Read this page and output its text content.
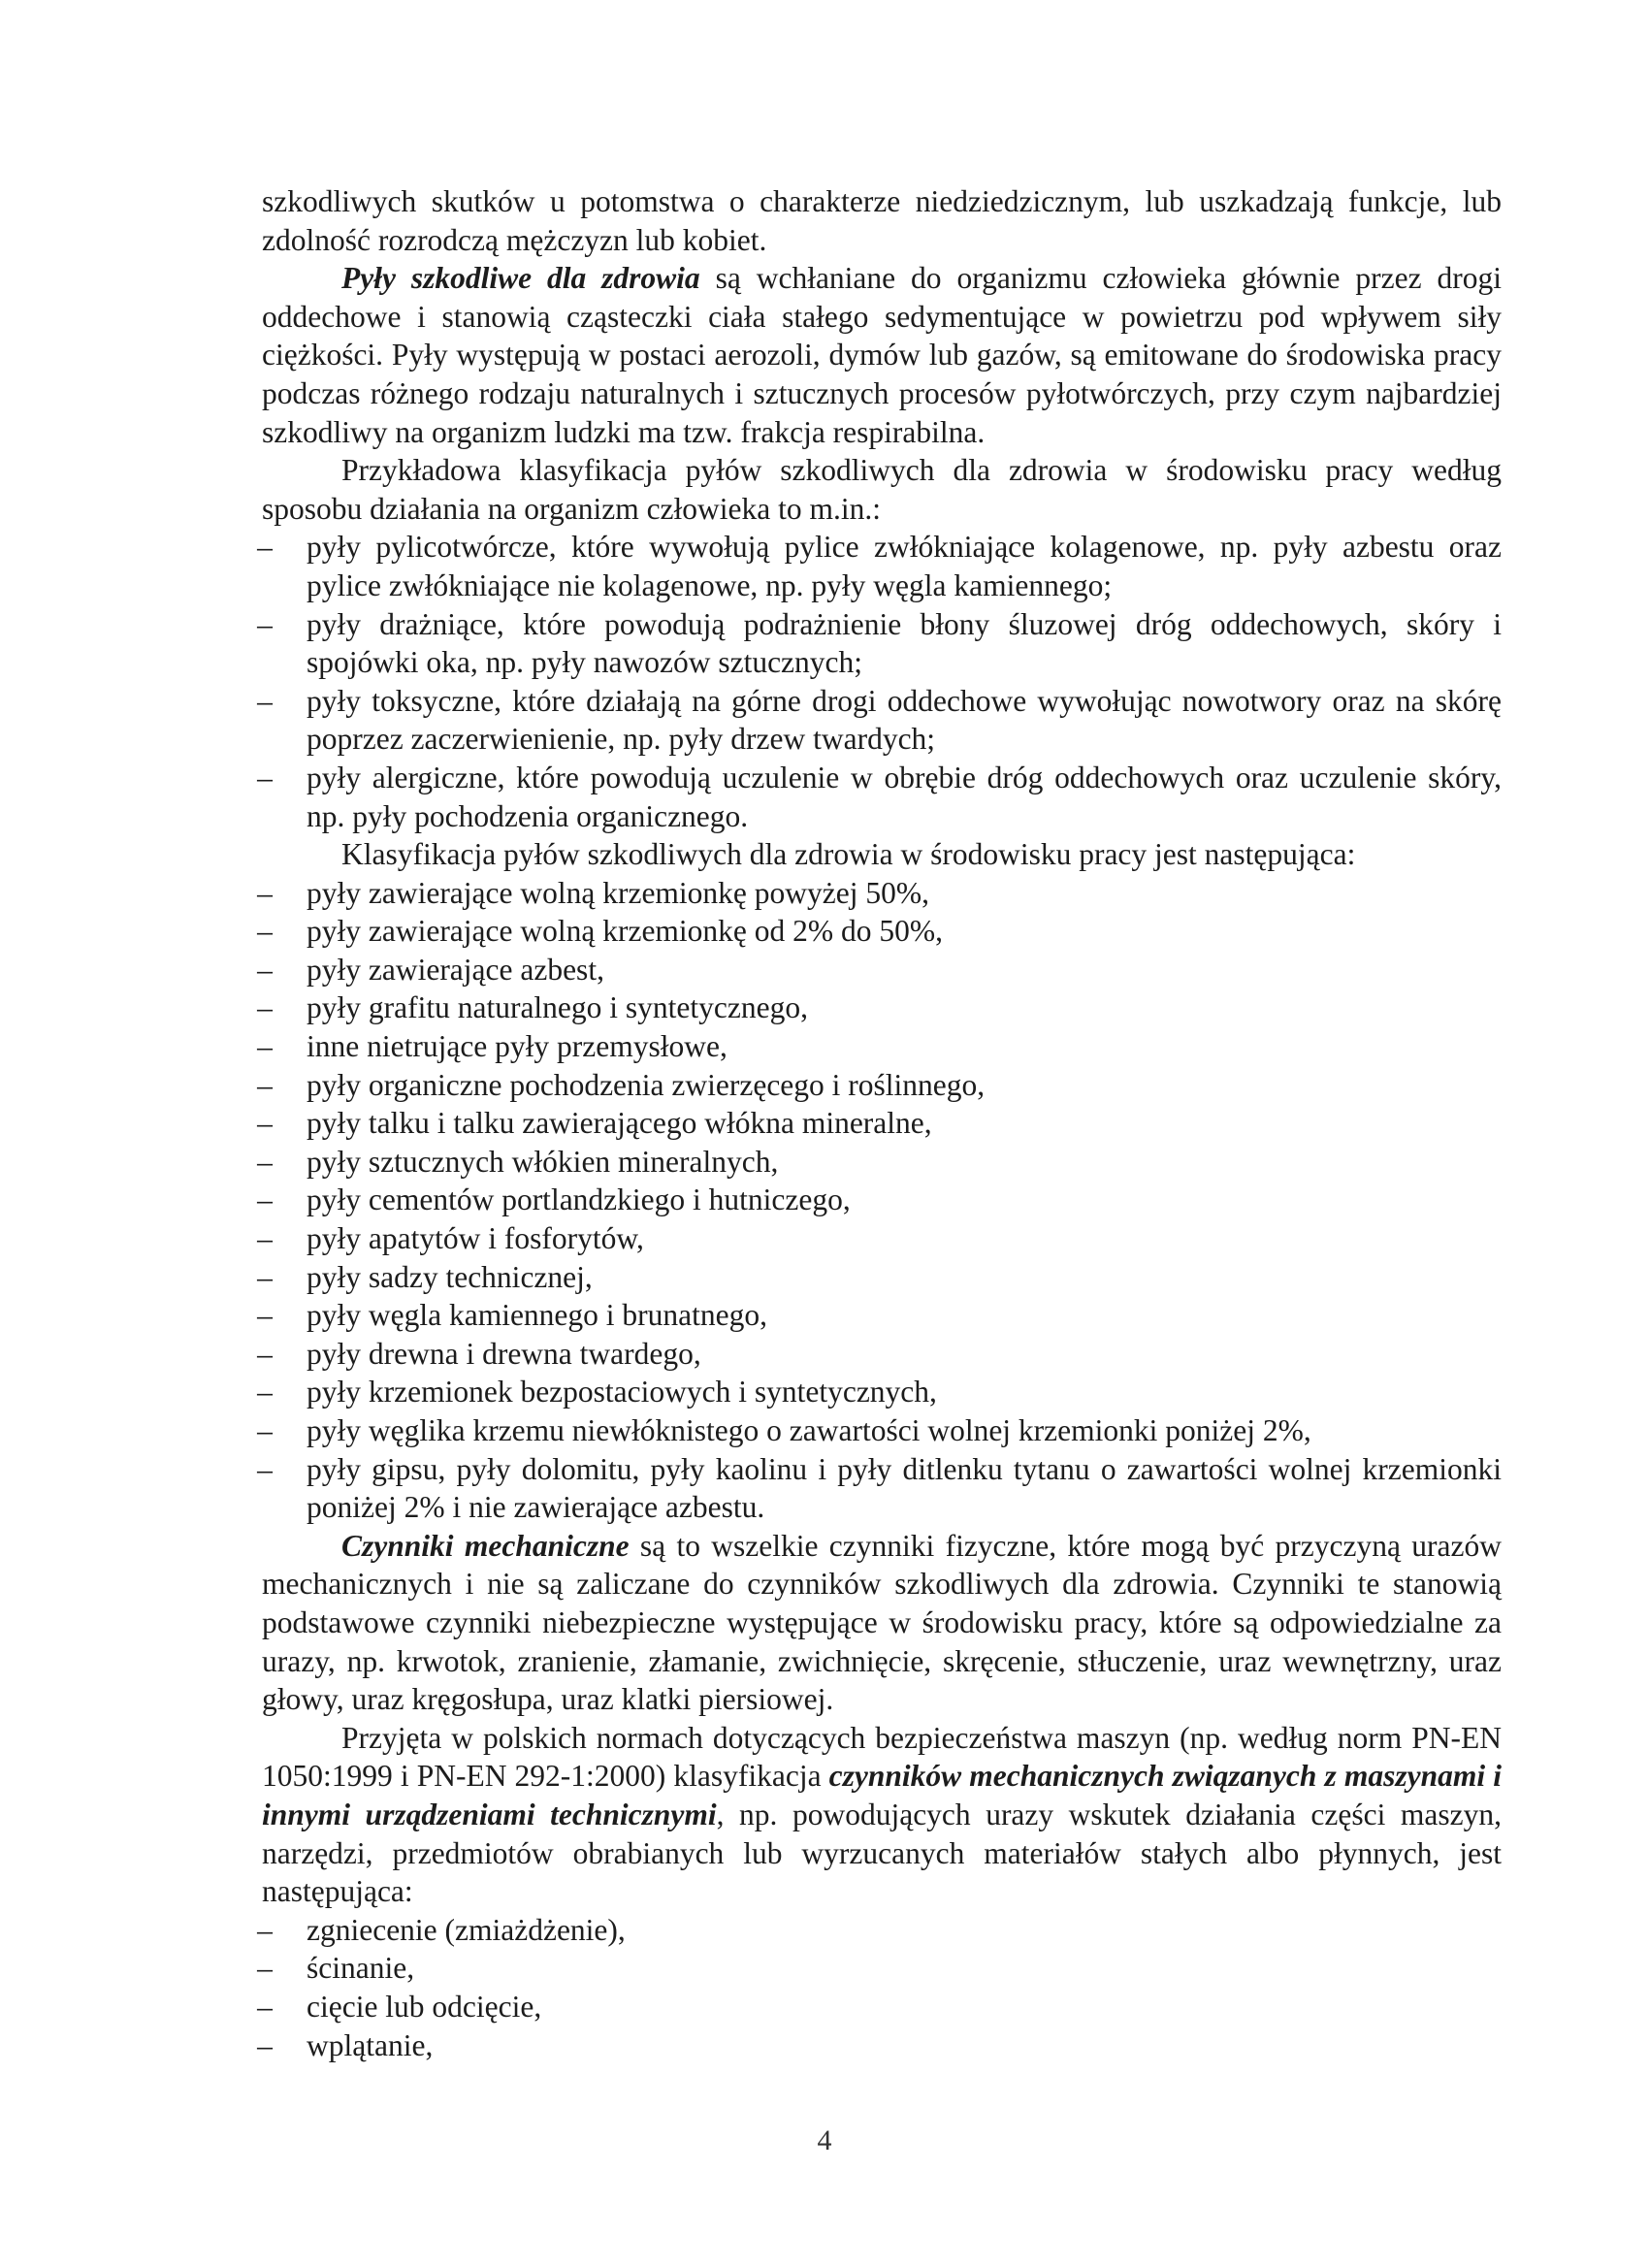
szkodliwych skutków u potomstwa o charakterze niedziedzicznym, lub uszkadzają funkcje, lub zdolność rozrodczą mężczyzn lub kobiet.

Pyły szkodliwe dla zdrowia są wchłaniane do organizmu człowieka głównie przez drogi oddechowe i stanowią cząsteczki ciała stałego sedymentujące w powietrzu pod wpływem siły ciężkości. Pyły występują w postaci aerozoli, dymów lub gazów, są emitowane do środowiska pracy podczas różnego rodzaju naturalnych i sztucznych procesów pyłotwórczych, przy czym najbardziej szkodliwy na organizm ludzki ma tzw. frakcja respirabilna.

Przykładowa klasyfikacja pyłów szkodliwych dla zdrowia w środowisku pracy według sposobu działania na organizm człowieka to m.in.:

– pyły pylicotwórcze, które wywołują pylice zwłókniające kolagenowe, np. pyły azbestu oraz pylice zwłókniające nie kolagenowe, np. pyły węgla kamiennego;
– pyły drażniące, które powodują podrażnienie błony śluzowej dróg oddechowych, skóry i spojówki oka, np. pyły nawozów sztucznych;
– pyły toksyczne, które działają na górne drogi oddechowe wywołując nowotwory oraz na skórę poprzez zaczerwienienie, np. pyły drzew twardych;
– pyły alergiczne, które powodują uczulenie w obrębie dróg oddechowych oraz uczulenie skóry, np. pyły pochodzenia organicznego.

Klasyfikacja pyłów szkodliwych dla zdrowia w środowisku pracy jest następująca:

– pyły zawierające wolną krzemionkę powyżej 50%,
– pyły zawierające wolną krzemionkę od 2% do 50%,
– pyły zawierające azbest,
– pyły grafitu naturalnego i syntetycznego,
– inne nietrujące pyły przemysłowe,
– pyły organiczne pochodzenia zwierzęcego i roślinnego,
– pyły talku i talku zawierającego włókna mineralne,
– pyły sztucznych włókien mineralnych,
– pyły cementów portlandzkiego i hutniczego,
– pyły apatytów i fosforytów,
– pyły sadzy technicznej,
– pyły węgla kamiennego i brunatnego,
– pyły drewna i drewna twardego,
– pyły krzemionek bezpostaciowych i syntetycznych,
– pyły węglika krzemu niewłóknistego o zawartości wolnej krzemionki poniżej 2%,
– pyły gipsu, pyły dolomitu, pyły kaolinu i pyły ditlenku tytanu o zawartości wolnej krzemionki poniżej 2% i nie zawierające azbestu.

Czynniki mechaniczne są to wszelkie czynniki fizyczne, które mogą być przyczyną urazów mechanicznych i nie są zaliczane do czynników szkodliwych dla zdrowia. Czynniki te stanowią podstawowe czynniki niebezpieczne występujące w środowisku pracy, które są odpowiedzialne za urazy, np. krwotok, zranienie, złamanie, zwichnięcie, skręcenie, stłuczenie, uraz wewnętrzny, uraz głowy, uraz kręgosłupa, uraz klatki piersiowej.

Przyjęta w polskich normach dotyczących bezpieczeństwa maszyn (np. według norm PN-EN 1050:1999 i PN-EN 292-1:2000) klasyfikacja czynników mechanicznych związanych z maszynami i innymi urządzeniami technicznymi, np. powodujących urazy wskutek działania części maszyn, narzędzi, przedmiotów obrabianych lub wyrzucanych materiałów stałych albo płynnych, jest następująca:

– zgniecenie (zmiażdżenie),
– ścinanie,
– cięcie lub odcięcie,
– wplątanie,
4
